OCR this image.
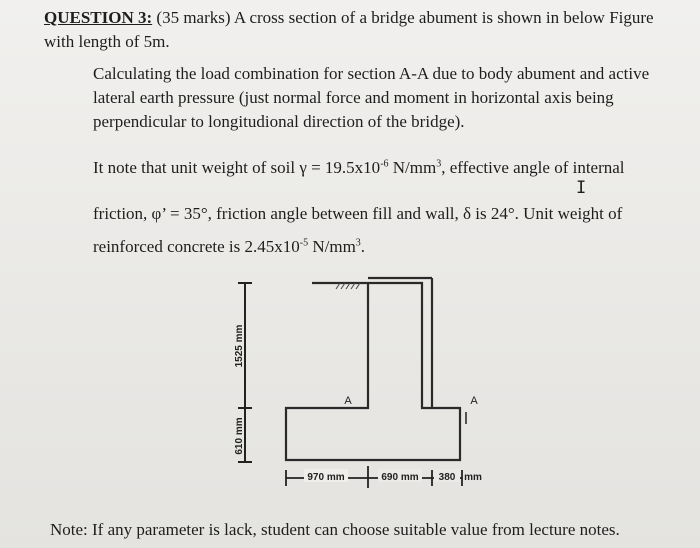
QUESTION 3: (35 marks) A cross section of a bridge abument is shown in below Figure with length of 5m.
Calculating the load combination for section A-A due to body abument and active lateral earth pressure (just normal force and moment in horizontal axis being perpendicular to longitudional direction of the bridge).
It note that unit weight of soil $\gamma = 19.5x10^{-6}$ $N/mm^3$, effective angle of internal
I
friction, φ’ = 35°, friction angle between fill and wall, δ is 24°. Unit weight of
reinforced concrete is $2.45x10^{-5}$ $N/mm^3$.
1525 mm
610 mm
970 mm	690 mm 380 mm
A	A
Note: If any parameter is lack, student can choose suitable value from lecture notes.
